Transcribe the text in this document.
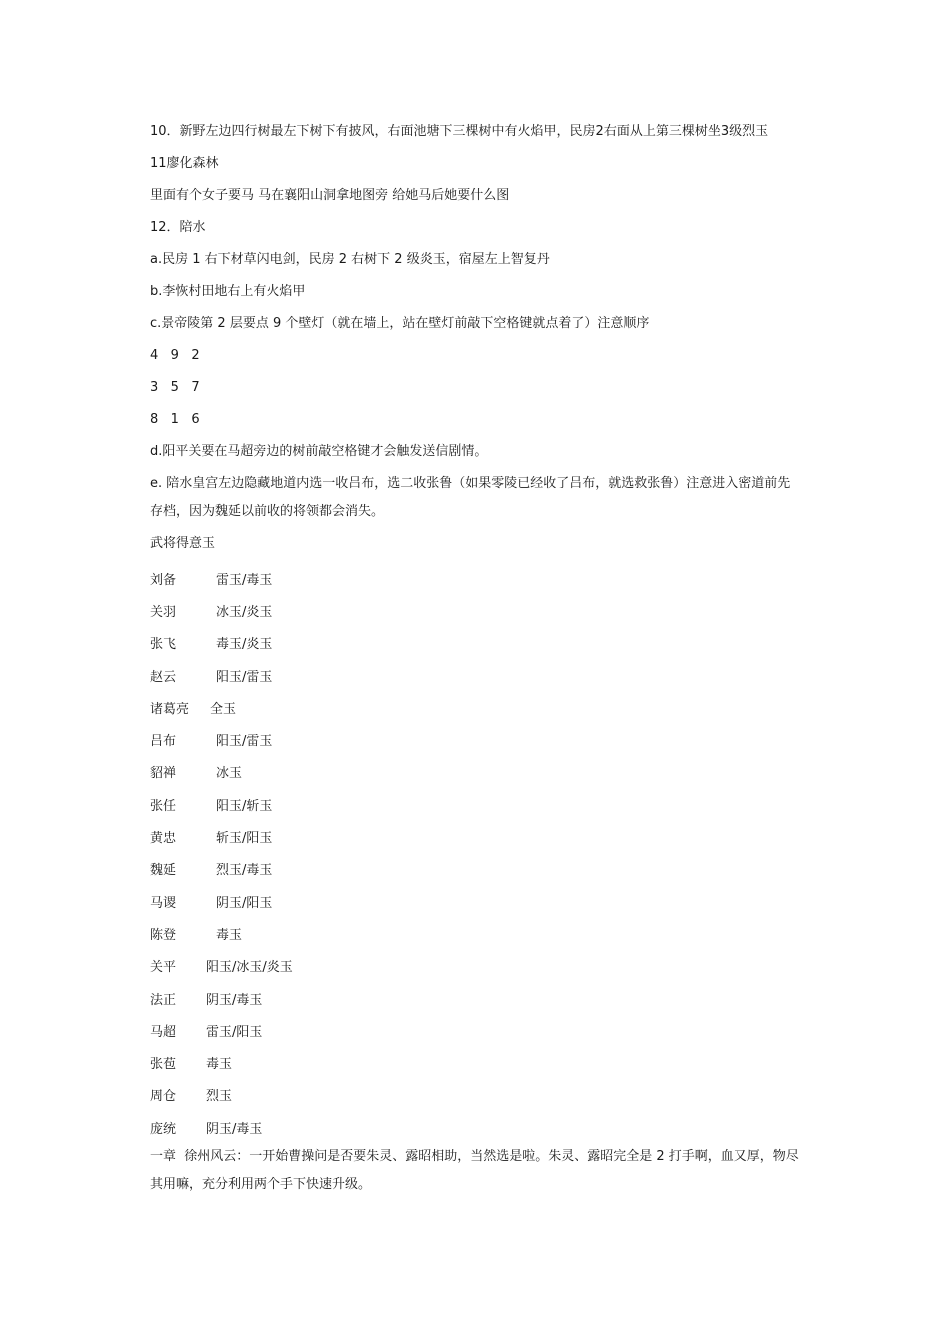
10．新野左边四行树最左下树下有披风，右面池塘下三棵树中有火焰甲，民房2右面从上第三棵树坐3级烈玉
11廖化森林
里面有个女子要马 马在襄阳山洞拿地图旁 给她马后她要什么图
12．陪水
a.民房 1 右下材草闪电剑，民房 2 右树下 2 级炎玉，宿屋左上智复丹
b.李恢村田地右上有火焰甲
c.景帝陵第 2 层要点 9 个壁灯（就在墙上，站在壁灯前敲下空格键就点着了）注意顺序
4   9   2
3   5   7
8   1   6
d.阳平关要在马超旁边的树前敲空格键才会触发送信剧情。
e. 陪水皇宫左边隐藏地道内选一收吕布，选二收张鲁（如果零陵已经收了吕布，就选救张鲁）注意进入密道前先存档，因为魏延以前收的将领都会消失。
武将得意玉
刘备	雷玉/毒玉
关羽	冰玉/炎玉
张飞	毒玉/炎玉
赵云	阳玉/雷玉
诸葛亮	全玉
吕布	阳玉/雷玉
貂禅	冰玉
张任	阳玉/斩玉
黄忠	斩玉/阳玉
魏延	烈玉/毒玉
马谡	阴玉/阳玉
陈登	毒玉
关平	阳玉/冰玉/炎玉
法正	阴玉/毒玉
马超	雷玉/阳玉
张苞	毒玉
周仓	烈玉
庞统	阴玉/毒玉
一章  徐州风云：一开始曹操问是否要朱灵、露昭相助，当然选是啦。朱灵、露昭完全是 2 打手啊，血又厚，物尽其用嘛，充分利用两个手下快速升级。
